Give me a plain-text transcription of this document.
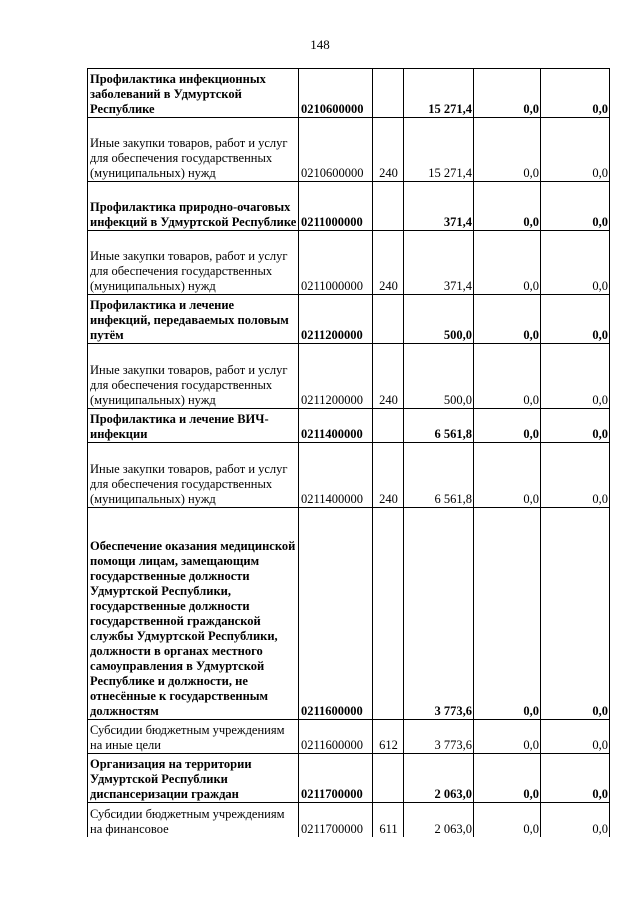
148
Профилактика инфекционных заболеваний в Удмуртской Республике	0210600000		15 271,4	0,0	0,0
Иные закупки товаров, работ и услуг для обеспечения государственных (муниципальных) нужд	0210600000	240	15 271,4	0,0	0,0
Профилактика природно-очаговых инфекций в Удмуртской Республике	0211000000		371,4	0,0	0,0
Иные закупки товаров, работ и услуг для обеспечения государственных (муниципальных) нужд	0211000000	240	371,4	0,0	0,0
Профилактика и лечение инфекций, передаваемых половым путём	0211200000		500,0	0,0	0,0
Иные закупки товаров, работ и услуг для обеспечения государственных (муниципальных) нужд	0211200000	240	500,0	0,0	0,0
Профилактика и лечение ВИЧ-инфекции	0211400000		6 561,8	0,0	0,0
Иные закупки товаров, работ и услуг для обеспечения государственных (муниципальных) нужд	0211400000	240	6 561,8	0,0	0,0
Обеспечение оказания медицинской помощи лицам, замещающим государственные должности Удмуртской Республики, государственные должности государственной гражданской службы Удмуртской Республики, должности в органах местного самоуправления в Удмуртской Республике и должности, не отнесённые к государственным должностям	0211600000		3 773,6	0,0	0,0
Субсидии бюджетным учреждениям на иные цели	0211600000	612	3 773,6	0,0	0,0
Организация на территории Удмуртской Республики диспансеризации граждан	0211700000		2 063,0	0,0	0,0
Субсидии бюджетным учреждениям на финансовое	0211700000	611	2 063,0	0,0	0,0
